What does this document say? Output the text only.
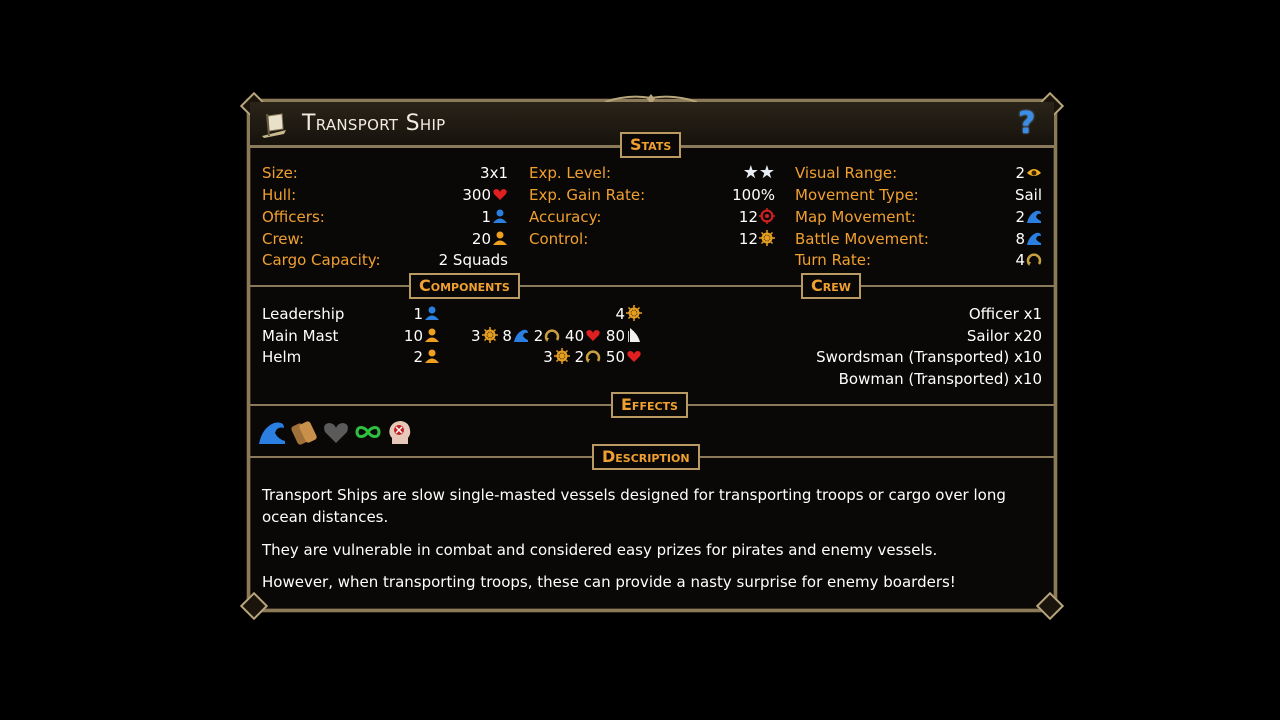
Transport Ship	?
Stats
Components	Crew
Effects
Description
Size:	3x1
Hull:	300
Officers:	1
Crew:	20
Cargo Capacity:	2 Squads
Exp. Level:	★★
Exp. Gain Rate:	100%
Accuracy:	12
Control:	12
Visual Range:	2
Movement Type:	Sail
Map Movement:	2
Battle Movement:	8
Turn Rate:	4
Leadership	1	4
Main Mast	10	3 8 2 40 80
Helm	2	3 2 50
Officer x1
Sailor x20
Swordsman (Transported) x10
Bowman (Transported) x10
Transport Ships are slow single-masted vessels designed for transporting troops or cargo over long ocean distances.
They are vulnerable in combat and considered easy prizes for pirates and enemy vessels.
However, when transporting troops, these can provide a nasty surprise for enemy boarders!
